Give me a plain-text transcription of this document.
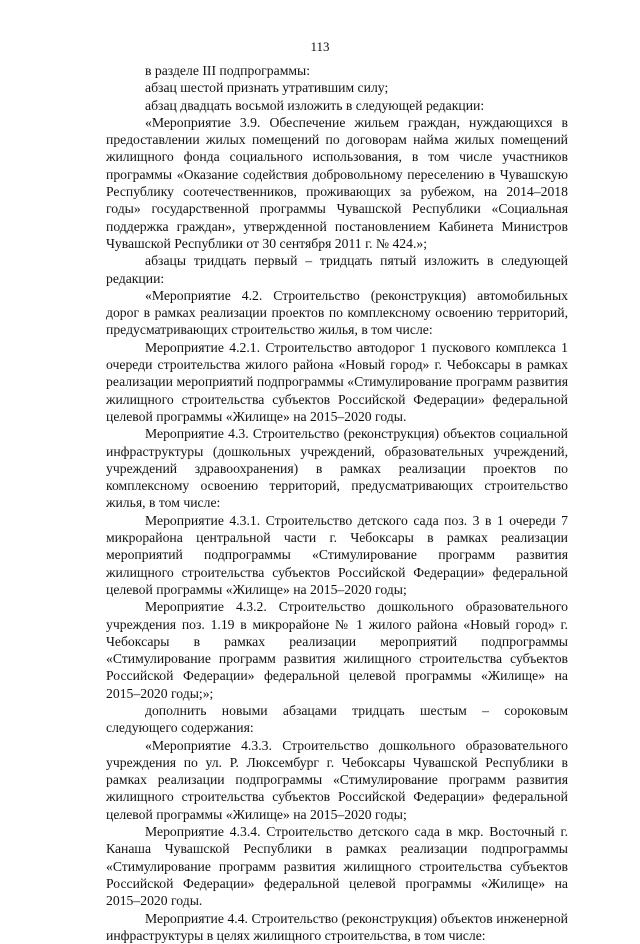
113

в разделе III подпрограммы:

абзац шестой признать утратившим силу;

абзац двадцать восьмой изложить в следующей редакции:

«Мероприятие 3.9. Обеспечение жильем граждан, нуждающихся в предоставлении жилых помещений по договорам найма жилых помещений жилищного фонда социального использования, в том числе участников программы «Оказание содействия добровольному переселению в Чувашскую Республику соотечественников, проживающих за рубежом, на 2014–2018 годы» государственной программы Чувашской Республики «Социальная поддержка граждан», утвержденной постановлением Кабинета Министров Чувашской Республики от 30 сентября 2011 г. № 424.»;

абзацы тридцать первый – тридцать пятый изложить в следующей редакции:

«Мероприятие 4.2. Строительство (реконструкция) автомобильных дорог в рамках реализации проектов по комплексному освоению территорий, предусматривающих строительство жилья, в том числе:

Мероприятие 4.2.1. Строительство автодорог 1 пускового комплекса 1 очереди строительства жилого района «Новый город» г. Чебоксары в рамках реализации мероприятий подпрограммы «Стимулирование программ развития жилищного строительства субъектов Российской Федерации» федеральной целевой программы «Жилище» на 2015–2020 годы.

Мероприятие 4.3. Строительство (реконструкция) объектов социальной инфраструктуры (дошкольных учреждений, образовательных учреждений, учреждений здравоохранения) в рамках реализации проектов по комплексному освоению территорий, предусматривающих строительство жилья, в том числе:

Мероприятие 4.3.1. Строительство детского сада поз. 3 в 1 очереди 7 микрорайона центральной части г. Чебоксары в рамках реализации мероприятий подпрограммы «Стимулирование программ развития жилищного строительства субъектов Российской Федерации» федеральной целевой программы «Жилище» на 2015–2020 годы;

Мероприятие 4.3.2. Строительство дошкольного образовательного учреждения поз. 1.19 в микрорайоне № 1 жилого района «Новый город» г. Чебоксары в рамках реализации мероприятий подпрограммы «Стимулирование программ развития жилищного строительства субъектов Российской Федерации» федеральной целевой программы «Жилище» на 2015–2020 годы;»;

дополнить новыми абзацами тридцать шестым – сороковым следующего содержания:

«Мероприятие 4.3.3. Строительство дошкольного образовательного учреждения по ул. Р. Люксембург г. Чебоксары Чувашской Республики в рамках реализации подпрограммы «Стимулирование программ развития жилищного строительства субъектов Российской Федерации» федеральной целевой программы «Жилище» на 2015–2020 годы;

Мероприятие 4.3.4. Строительство детского сада в мкр. Восточный г. Канаша Чувашской Республики в рамках реализации подпрограммы «Стимулирование программ развития жилищного строительства субъектов Российской Федерации» федеральной целевой программы «Жилище» на 2015–2020 годы.

Мероприятие 4.4. Строительство (реконструкция) объектов инженерной инфраструктуры в целях жилищного строительства, в том числе:
